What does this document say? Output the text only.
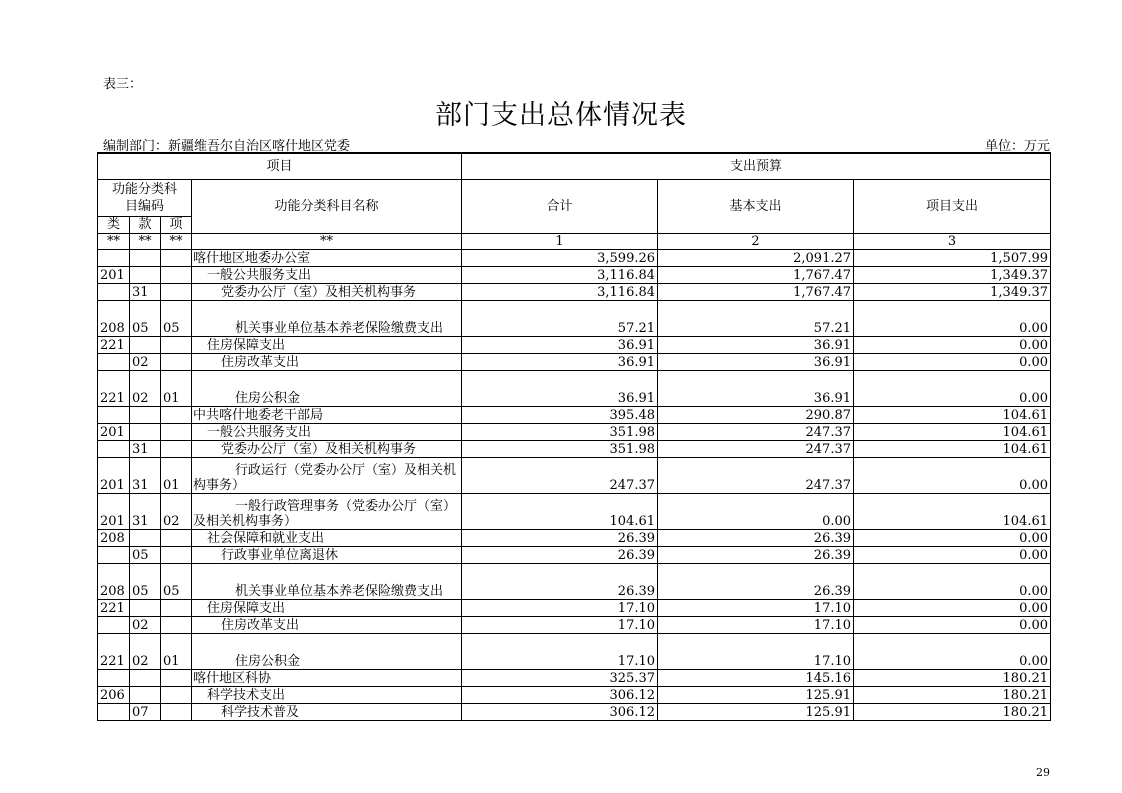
表三：
部门支出总体情况表
编制部门：新疆维吾尔自治区喀什地区党委	单位：万元
项目				支出预算		
功能分类科目编码			功能分类科目名称	合计	基本支出	项目支出
类	款	项				
**	**	**	**	1	2	3
			喀什地区地委办公室	3,599.26	2,091.27	1,507.99
201			一般公共服务支出	3,116.84	1,767.47	1,349.37
	31		党委办公厅（室）及相关机构事务	3,116.84	1,767.47	1,349.37
208	05	05	机关事业单位基本养老保险缴费支出	57.21	57.21	0.00
221			住房保障支出	36.91	36.91	0.00
	02		住房改革支出	36.91	36.91	0.00
221	02	01	住房公积金	36.91	36.91	0.00
			中共喀什地委老干部局	395.48	290.87	104.61
201			一般公共服务支出	351.98	247.37	104.61
	31		党委办公厅（室）及相关机构事务	351.98	247.37	104.61
201	31	01	行政运行（党委办公厅（室）及相关机构事务）	247.37	247.37	0.00
201	31	02	一般行政管理事务（党委办公厅（室）及相关机构事务）	104.61	0.00	104.61
208			社会保障和就业支出	26.39	26.39	0.00
	05		行政事业单位离退休	26.39	26.39	0.00
208	05	05	机关事业单位基本养老保险缴费支出	26.39	26.39	0.00
221			住房保障支出	17.10	17.10	0.00
	02		住房改革支出	17.10	17.10	0.00
221	02	01	住房公积金	17.10	17.10	0.00
			喀什地区科协	325.37	145.16	180.21
206			科学技术支出	306.12	125.91	180.21
	07		科学技术普及	306.12	125.91	180.21
29
